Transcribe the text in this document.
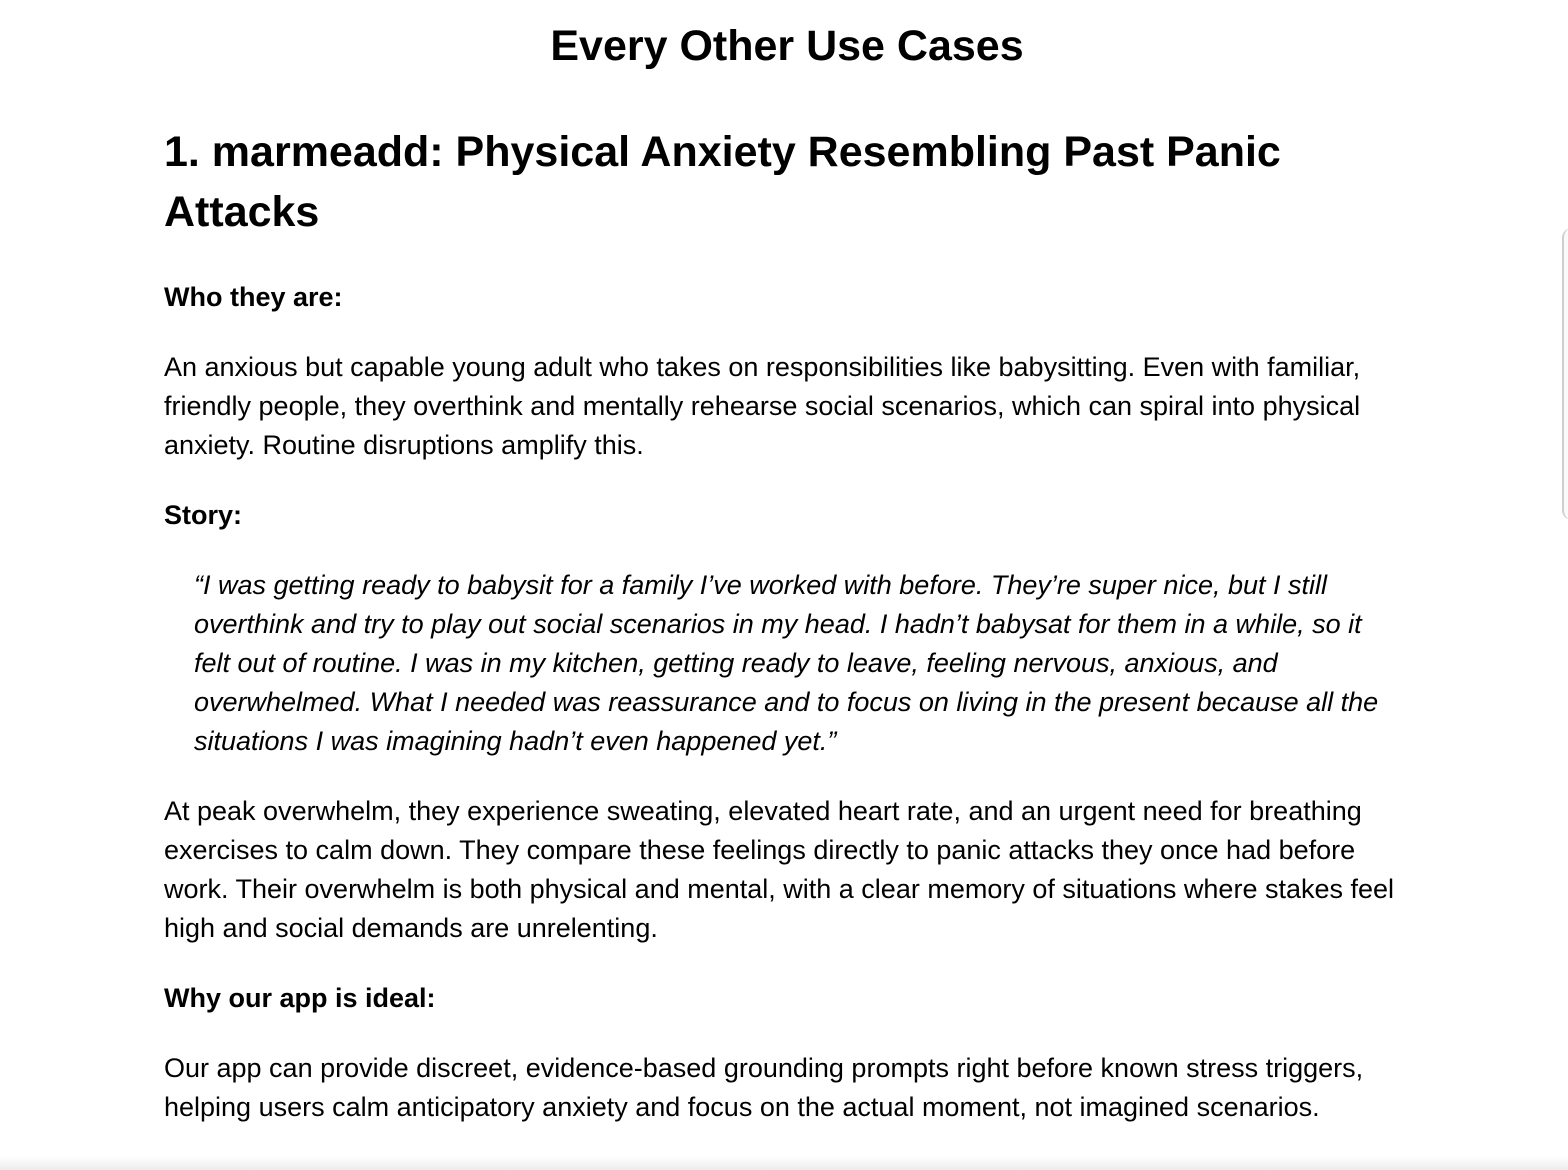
Every Other Use Cases
1. marmeadd: Physical Anxiety Resembling Past Panic Attacks

Who they are:

An anxious but capable young adult who takes on responsibilities like babysitting. Even with familiar, friendly people, they overthink and mentally rehearse social scenarios, which can spiral into physical anxiety. Routine disruptions amplify this.

Story:

“I was getting ready to babysit for a family I’ve worked with before. They’re super nice, but I still overthink and try to play out social scenarios in my head. I hadn’t babysat for them in a while, so it felt out of routine. I was in my kitchen, getting ready to leave, feeling nervous, anxious, and overwhelmed. What I needed was reassurance and to focus on living in the present because all the situations I was imagining hadn’t even happened yet.”

At peak overwhelm, they experience sweating, elevated heart rate, and an urgent need for breathing exercises to calm down. They compare these feelings directly to panic attacks they once had before work. Their overwhelm is both physical and mental, with a clear memory of situations where stakes feel high and social demands are unrelenting.

Why our app is ideal:

Our app can provide discreet, evidence-based grounding prompts right before known stress triggers, helping users calm anticipatory anxiety and focus on the actual moment, not imagined scenarios.
